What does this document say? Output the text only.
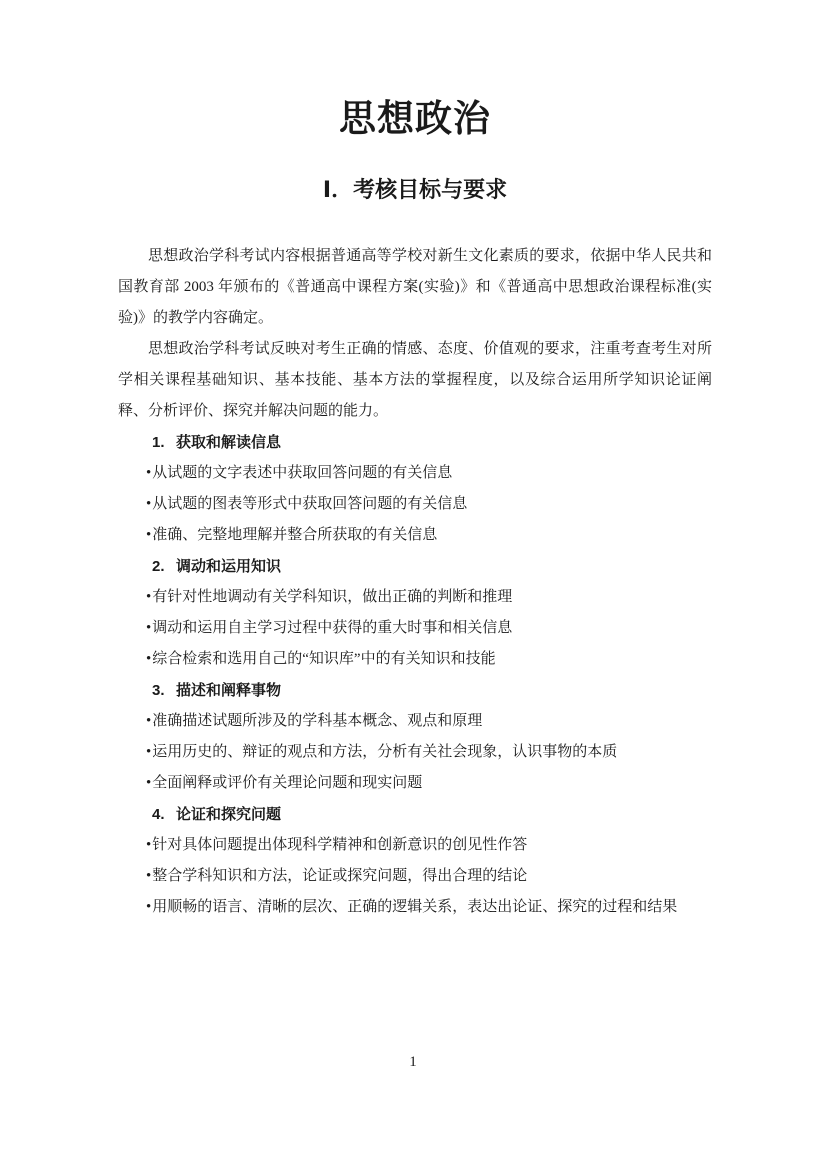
思想政治
Ⅰ．考核目标与要求

思想政治学科考试内容根据普通高等学校对新生文化素质的要求，依据中华人民共和国教育部 2003 年颁布的《普通高中课程方案(实验)》和《普通高中思想政治课程标准(实验)》的教学内容确定。

思想政治学科考试反映对考生正确的情感、态度、价值观的要求，注重考查考生对所学相关课程基础知识、基本技能、基本方法的掌握程度，以及综合运用所学知识论证阐释、分析评价、探究并解决问题的能力。

1. 获取和解读信息
•从试题的文字表述中获取回答问题的有关信息
•从试题的图表等形式中获取回答问题的有关信息
•准确、完整地理解并整合所获取的有关信息
2. 调动和运用知识
•有针对性地调动有关学科知识，做出正确的判断和推理
•调动和运用自主学习过程中获得的重大时事和相关信息
•综合检索和选用自己的“知识库”中的有关知识和技能
3. 描述和阐释事物
•准确描述试题所涉及的学科基本概念、观点和原理
•运用历史的、辩证的观点和方法，分析有关社会现象，认识事物的本质
•全面阐释或评价有关理论问题和现实问题
4. 论证和探究问题
•针对具体问题提出体现科学精神和创新意识的创见性作答
•整合学科知识和方法，论证或探究问题，得出合理的结论
•用顺畅的语言、清晰的层次、正确的逻辑关系，表达出论证、探究的过程和结果
1
